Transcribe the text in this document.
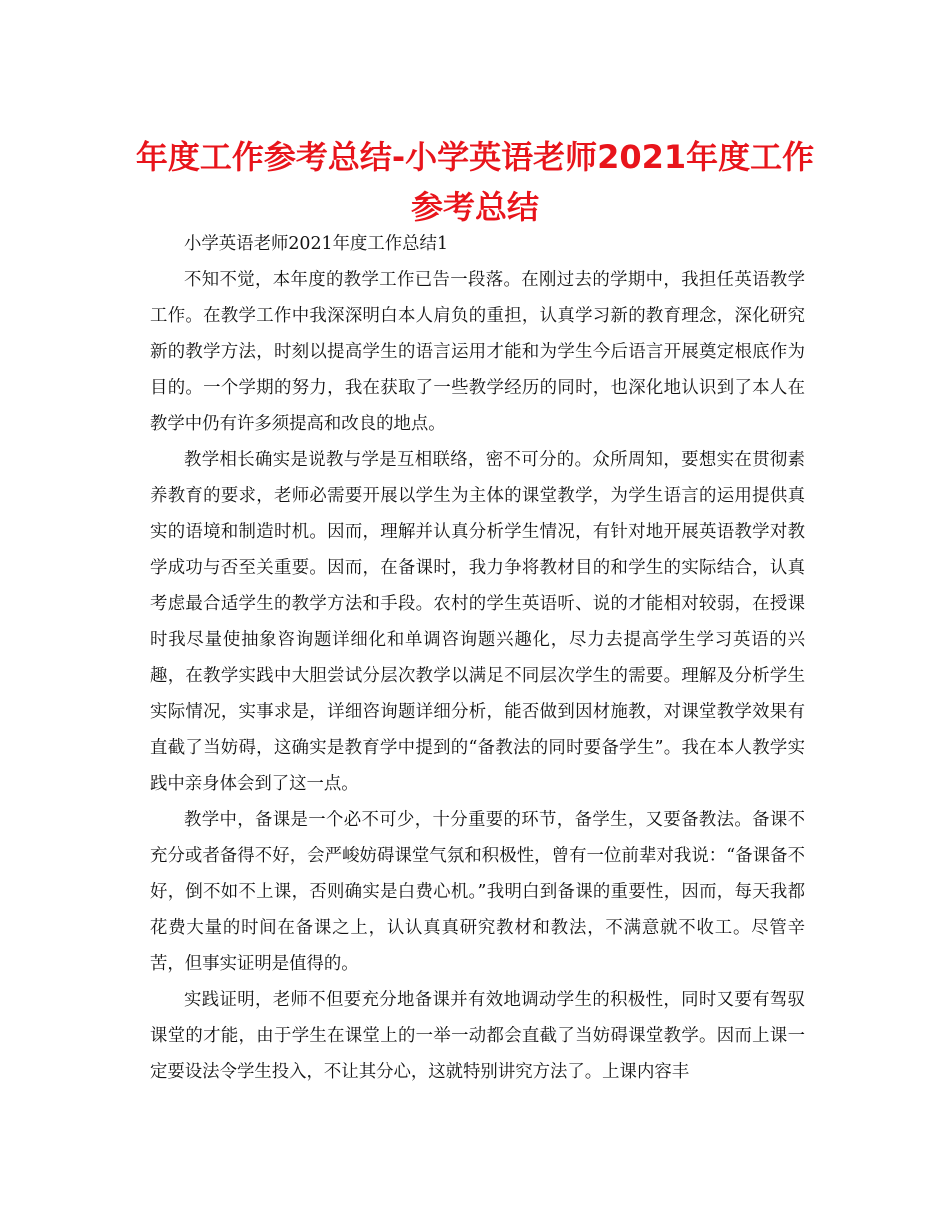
年度工作参考总结-小学英语老师2021年度工作参考总结

小学英语老师2021年度工作总结1

不知不觉，本年度的教学工作已告一段落。在刚过去的学期中，我担任英语教学工作。在教学工作中我深深明白本人肩负的重担，认真学习新的教育理念，深化研究新的教学方法，时刻以提高学生的语言运用才能和为学生今后语言开展奠定根底作为目的。一个学期的努力，我在获取了一些教学经历的同时，也深化地认识到了本人在教学中仍有许多须提高和改良的地点。

教学相长确实是说教与学是互相联络，密不可分的。众所周知，要想实在贯彻素养教育的要求，老师必需要开展以学生为主体的课堂教学，为学生语言的运用提供真实的语境和制造时机。因而，理解并认真分析学生情况，有针对地开展英语教学对教学成功与否至关重要。因而，在备课时，我力争将教材目的和学生的实际结合，认真考虑最合适学生的教学方法和手段。农村的学生英语听、说的才能相对较弱，在授课时我尽量使抽象咨询题详细化和单调咨询题兴趣化，尽力去提高学生学习英语的兴趣，在教学实践中大胆尝试分层次教学以满足不同层次学生的需要。理解及分析学生实际情况，实事求是，详细咨询题详细分析，能否做到因材施教，对课堂教学效果有直截了当妨碍，这确实是教育学中提到的“备教法的同时要备学生”。我在本人教学实践中亲身体会到了这一点。

教学中，备课是一个必不可少，十分重要的环节，备学生，又要备教法。备课不充分或者备得不好，会严峻妨碍课堂气氛和积极性，曾有一位前辈对我说：“备课备不好，倒不如不上课，否则确实是白费心机。”我明白到备课的重要性，因而，每天我都花费大量的时间在备课之上，认认真真研究教材和教法，不满意就不收工。尽管辛苦，但事实证明是值得的。

实践证明，老师不但要充分地备课并有效地调动学生的积极性，同时又要有驾驭课堂的才能，由于学生在课堂上的一举一动都会直截了当妨碍课堂教学。因而上课一定要设法令学生投入，不让其分心，这就特别讲究方法了。上课内容丰
